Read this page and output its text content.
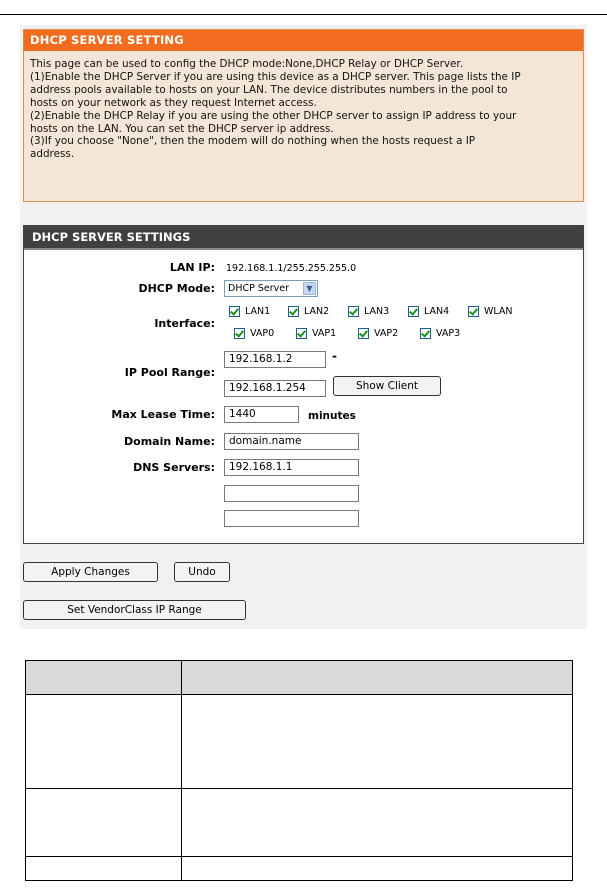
DHCP SERVER SETTING
This page can be used to config the DHCP mode:None,DHCP Relay or DHCP Server.
(1)Enable the DHCP Server if you are using this device as a DHCP server. This page lists the IP
address pools available to hosts on your LAN. The device distributes numbers in the pool to
hosts on your network as they request Internet access.
(2)Enable the DHCP Relay if you are using the other DHCP server to assign IP address to your
hosts on the LAN. You can set the DHCP server ip address.
(3)If you choose "None", then the modem will do nothing when the hosts request a IP
address.
DHCP SERVER SETTINGS
LAN IP: 192.168.1.1/255.255.255.0
DHCP Mode:	DHCP Server	▼
Interface:
LAN1	LAN2	LAN3	LAN4	WLAN
VAP0	VAP1	VAP2	VAP3
IP Pool Range:
192.168.1.2	-
192.168.1.254	Show Client
Max Lease Time:	1440	minutes
Domain Name:	domain.name
DNS Servers:	192.168.1.1
Apply Changes	Undo
Set VendorClass IP Range
